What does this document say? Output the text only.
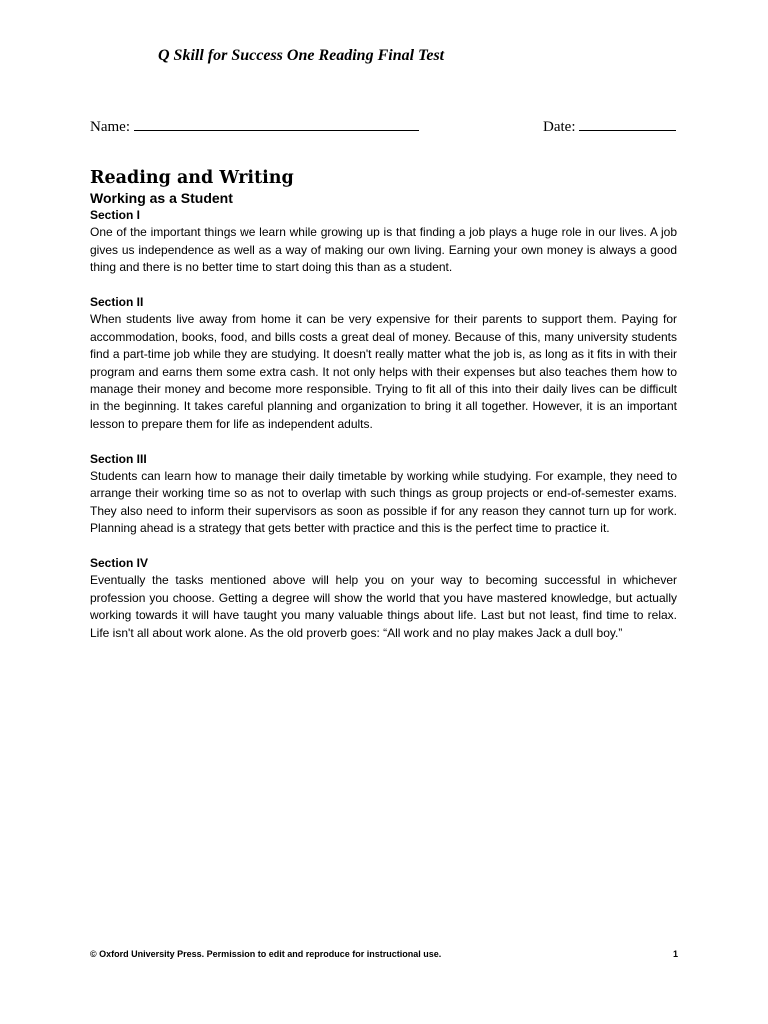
Q Skill for Success One Reading Final Test
Name:	Date:
Reading and Writing
Working as a Student

Section I

One of the important things we learn while growing up is that finding a job plays a huge role in our lives. A job gives us independence as well as a way of making our own living. Earning your own money is always a good thing and there is no better time to start doing this than as a student.

Section II

When students live away from home it can be very expensive for their parents to support them. Paying for accommodation, books, food, and bills costs a great deal of money. Because of this, many university students find a part-time job while they are studying. It doesn't really matter what the job is, as long as it fits in with their program and earns them some extra cash. It not only helps with their expenses but also teaches them how to manage their money and become more responsible. Trying to fit all of this into their daily lives can be difficult in the beginning. It takes careful planning and organization to bring it all together. However, it is an important lesson to prepare them for life as independent adults.

Section III

Students can learn how to manage their daily timetable by working while studying. For example, they need to arrange their working time so as not to overlap with such things as group projects or end-of-semester exams. They also need to inform their supervisors as soon as possible if for any reason they cannot turn up for work. Planning ahead is a strategy that gets better with practice and this is the perfect time to practice it.

Section IV

Eventually the tasks mentioned above will help you on your way to becoming successful in whichever profession you choose. Getting a degree will show the world that you have mastered knowledge, but actually working towards it will have taught you many valuable things about life. Last but not least, find time to relax. Life isn't all about work alone. As the old proverb goes: “All work and no play makes Jack a dull boy.”

© Oxford University Press. Permission to edit and reproduce for instructional use.	1
